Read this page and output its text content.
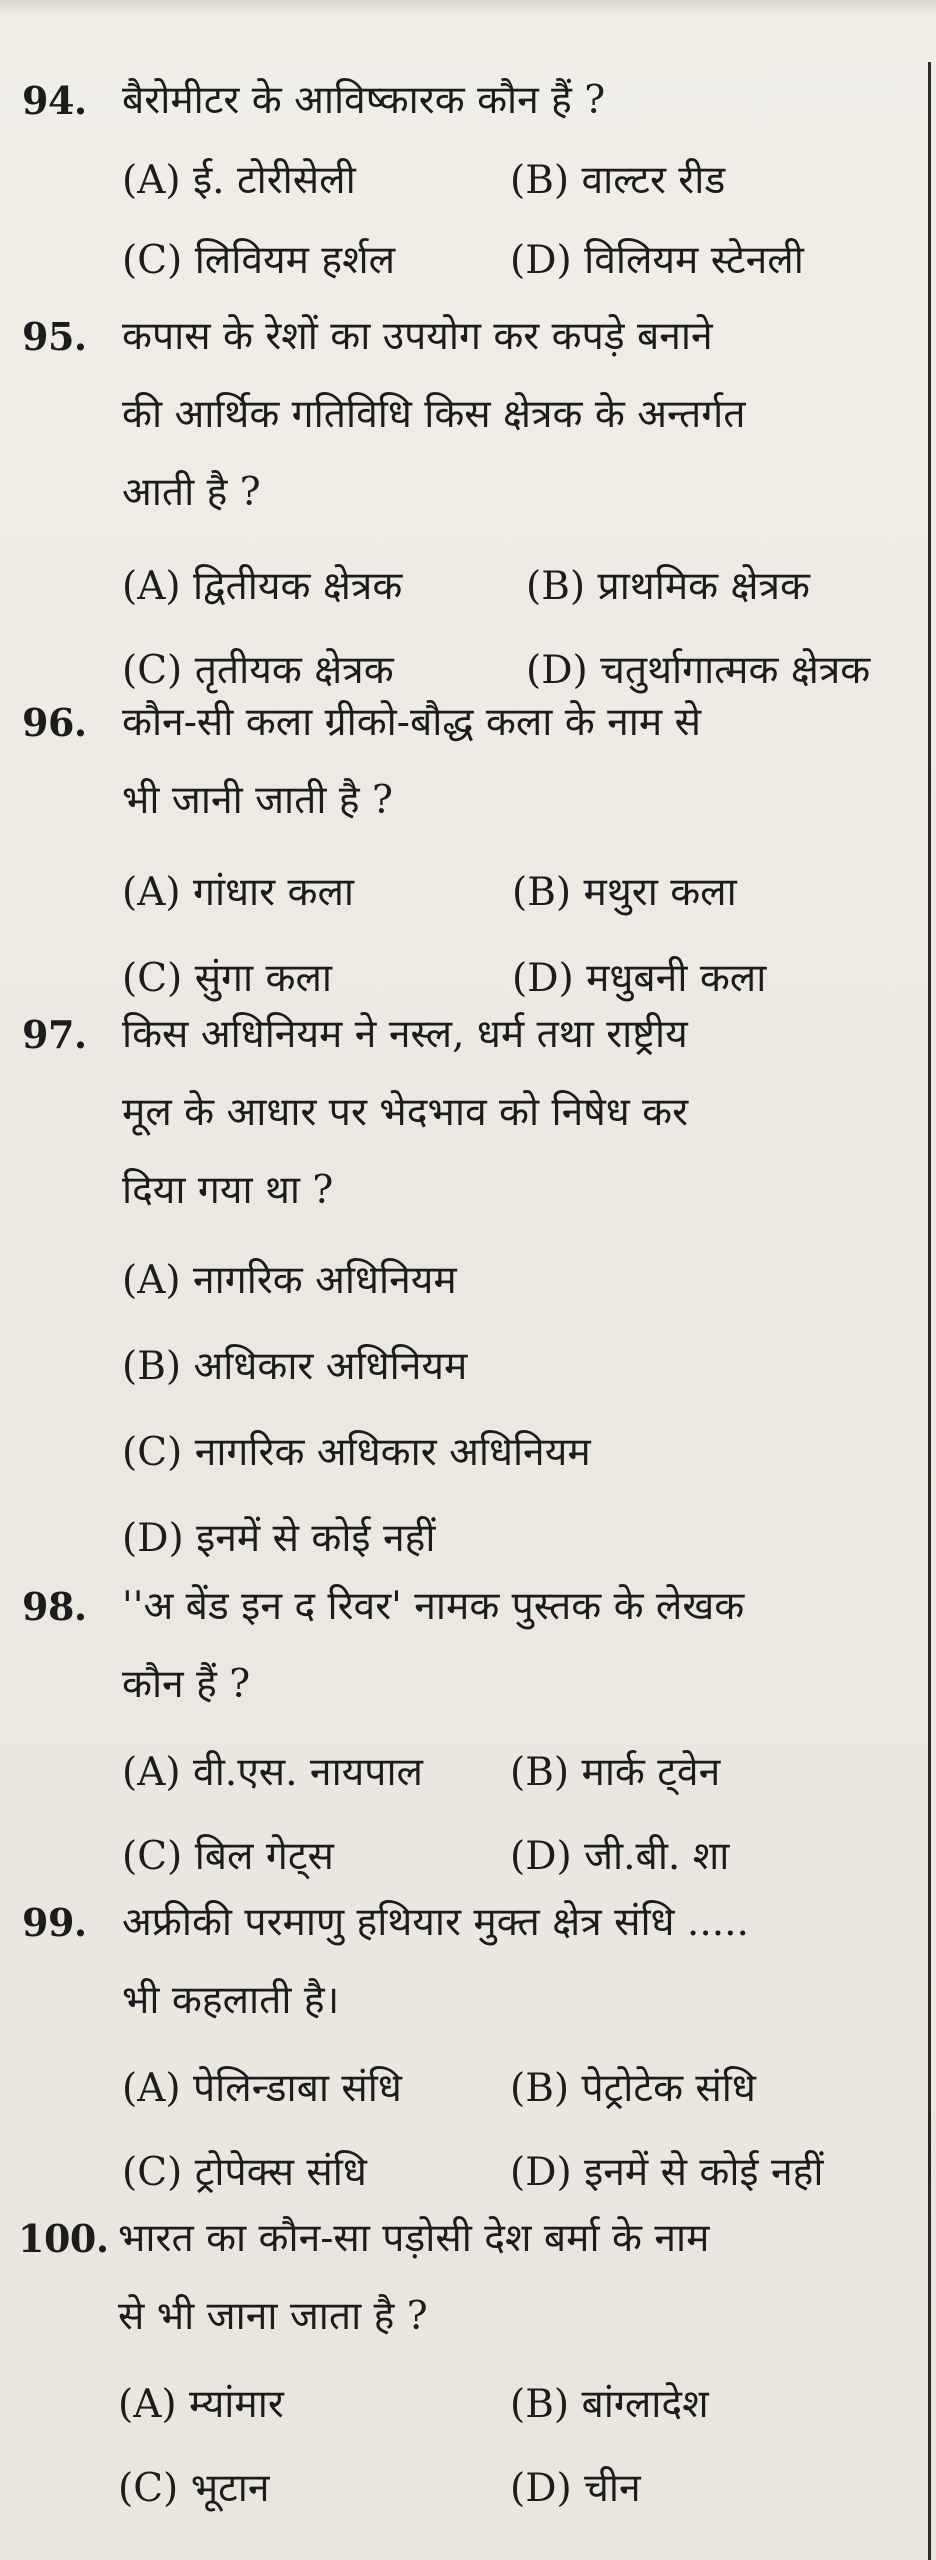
94. बैरोमीटर के आविष्कारक कौन हैं ?
(A) ई. टोरीसेली	(B) वाल्टर रीड
(C) लिवियम हर्शल	(D) विलियम स्टेनली
95. कपास के रेशों का उपयोग कर कपड़े बनाने
की आर्थिक गतिविधि किस क्षेत्रक के अन्तर्गत
आती है ?
(A) द्वितीयक क्षेत्रक	(B) प्राथमिक क्षेत्रक
(C) तृतीयक क्षेत्रक	(D) चतुर्थागात्मक क्षेत्रक
96. कौन-सी कला ग्रीको-बौद्ध कला के नाम से
भी जानी जाती है ?
(A) गांधार कला	(B) मथुरा कला
(C) सुंगा कला	(D) मधुबनी कला
97. किस अधिनियम ने नस्ल, धर्म तथा राष्ट्रीय
मूल के आधार पर भेदभाव को निषेध कर
दिया गया था ?
(A) नागरिक अधिनियम
(B) अधिकार अधिनियम
(C) नागरिक अधिकार अधिनियम
(D) इनमें से कोई नहीं
98. ''अ बेंड इन द रिवर' नामक पुस्तक के लेखक
कौन हैं ?
(A) वी.एस. नायपाल (B) मार्क ट्वेन
(C) बिल गेट्स	(D) जी.बी. शा
99. अफ्रीकी परमाणु हथियार मुक्त क्षेत्र संधि .....
भी कहलाती है।
(A) पेलिन्डाबा संधि	(B) पेट्रोटेक संधि
(C) ट्रोपेक्स संधि	(D) इनमें से कोई नहीं
100. भारत का कौन-सा पड़ोसी देश बर्मा के नाम
से भी जाना जाता है ?
(A) म्यांमार	(B) बांग्लादेश
(C) भूटान	(D) चीन
